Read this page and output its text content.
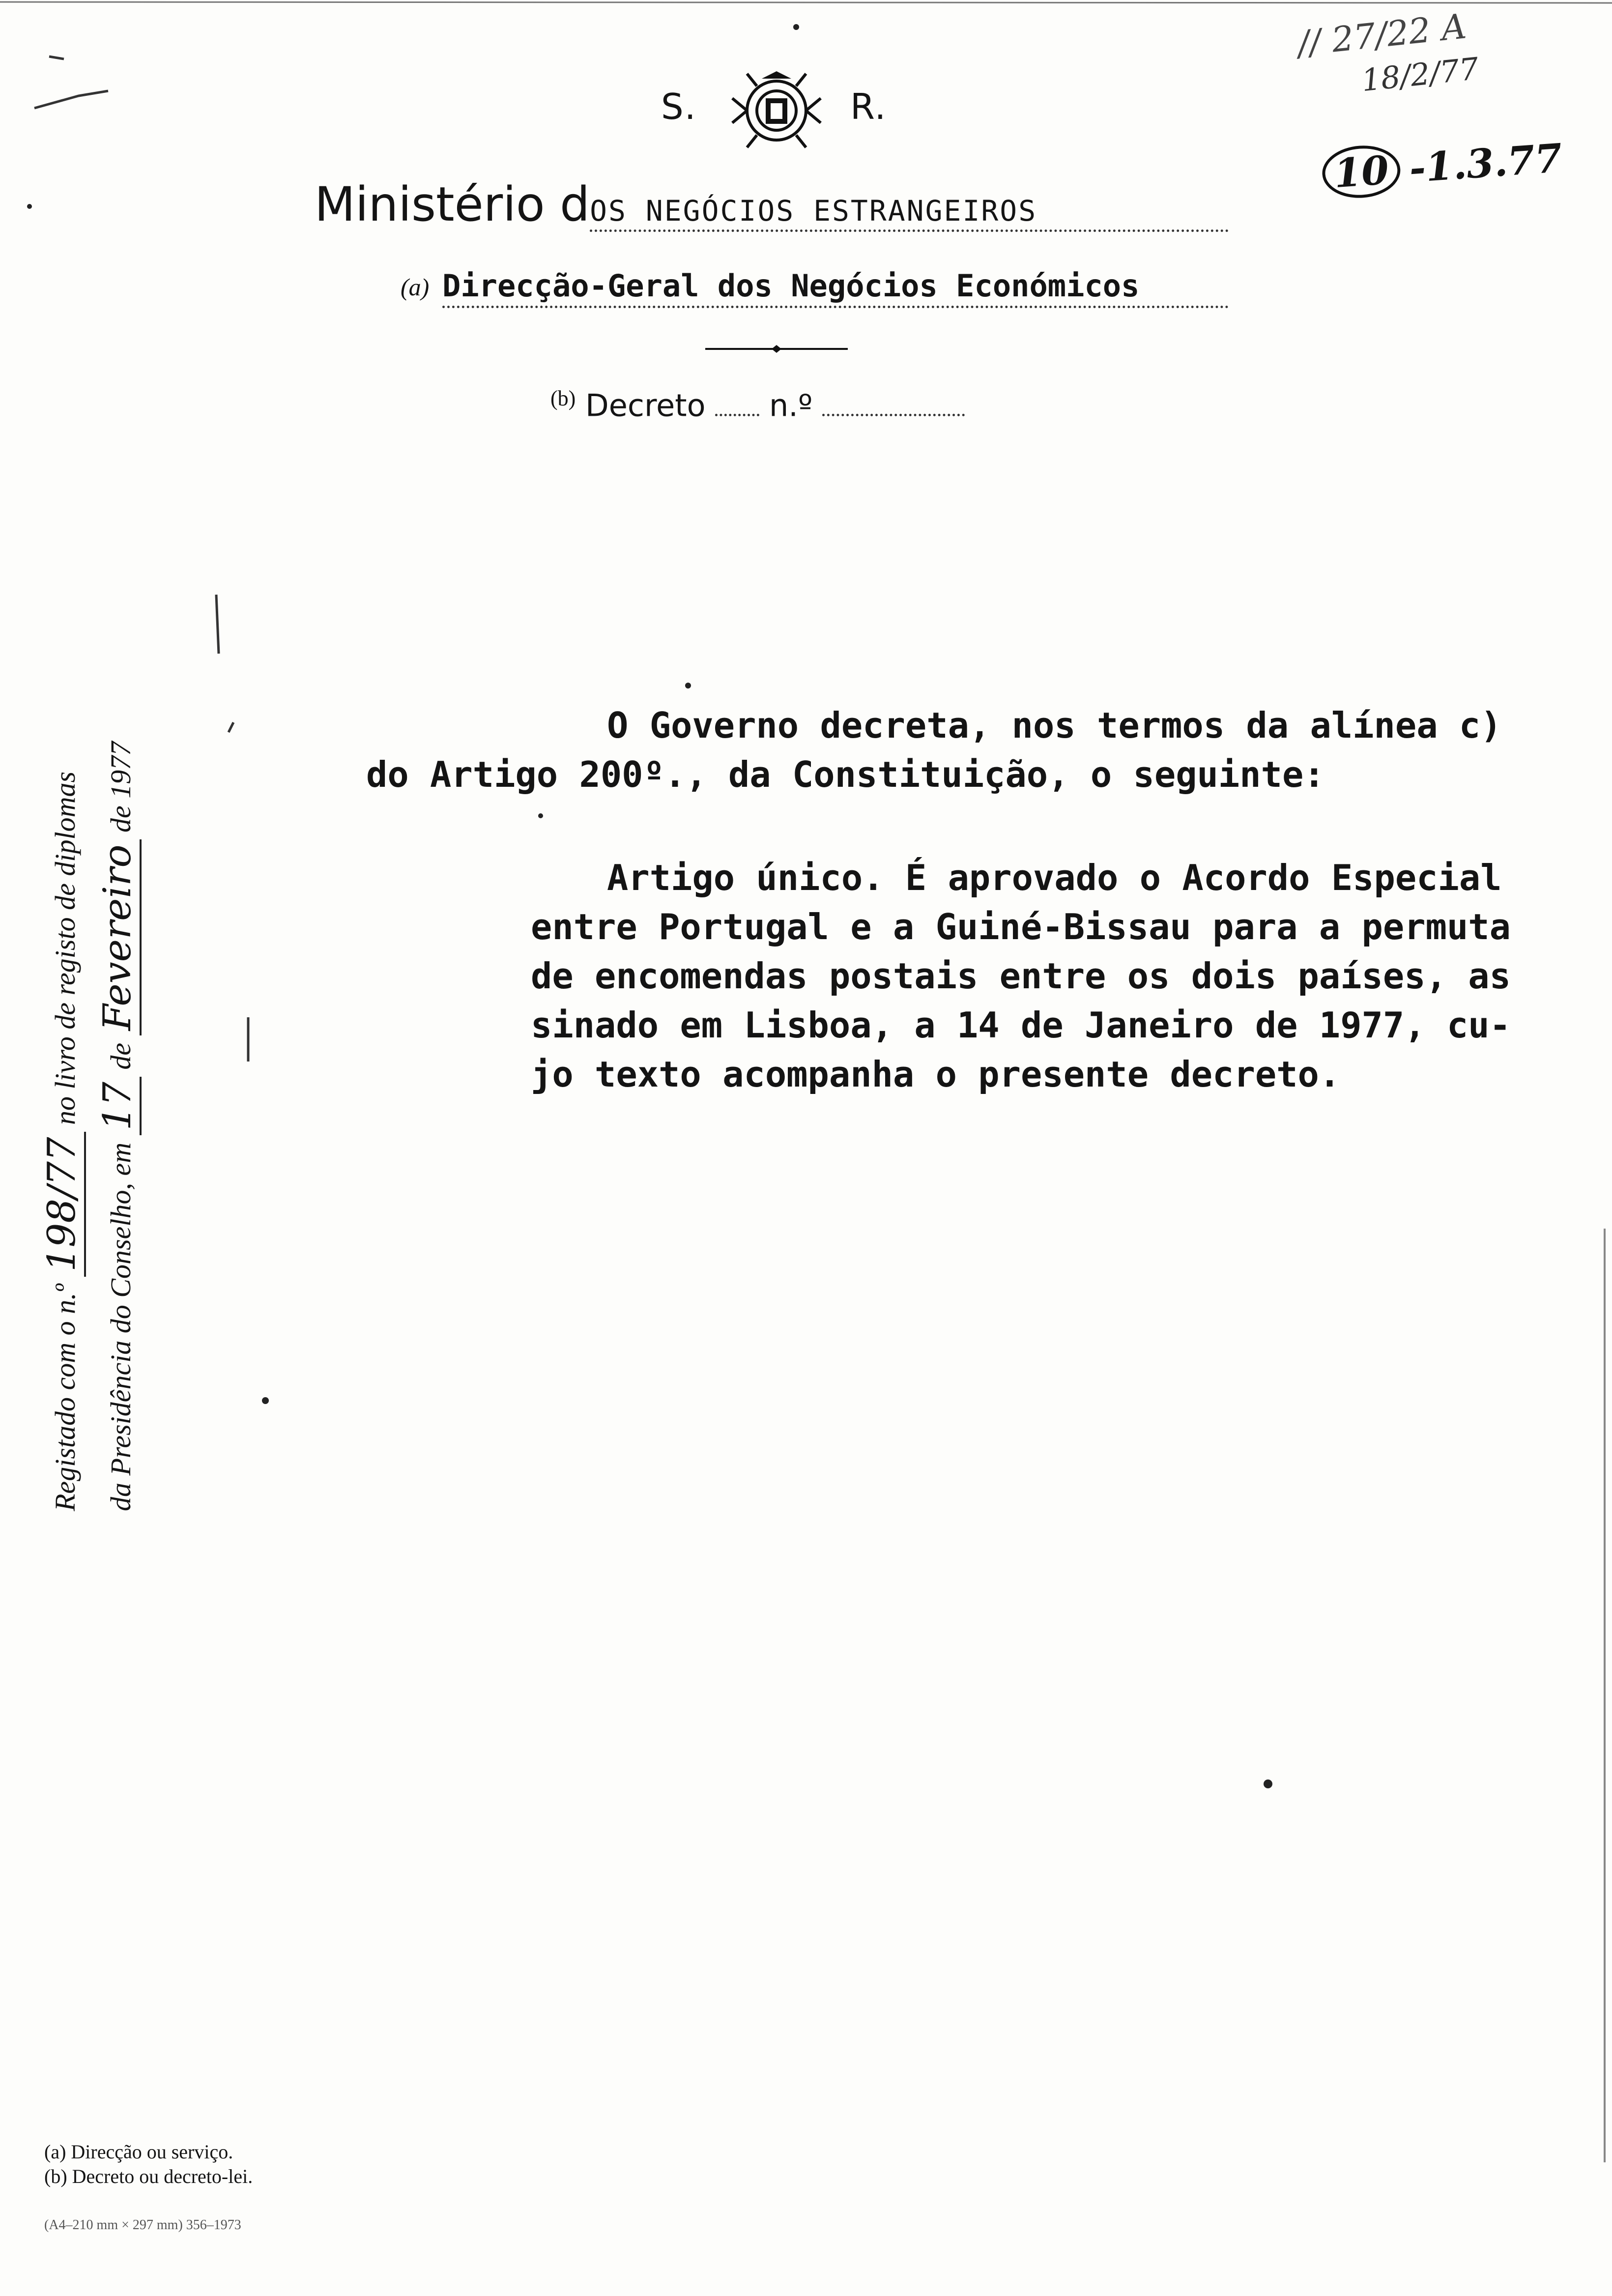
S.	R.
Ministério dOS NEGÓCIOS ESTRANGEIROS
(a) Direcção-Geral dos Negócios Económicos
$^{(b)}$ Decreto n.º
// 27/22 A
18/2/77
10 -1.3.77
O Governo decreta, nos termos da alínea c)
do Artigo 200º., da Constituição, o seguinte:
Artigo único. É aprovado o Acordo Especial
entre Portugal e a Guiné-Bissau para a permuta
de encomendas postais entre os dois países, as
sinado em Lisboa, a 14 de Janeiro de 1977, cu-
jo texto acompanha o presente decreto.
Registado com o n.º 198/77 no livro de registo de diplomas
da Presidência do Conselho, em 17 de Fevereiro de 1977
(a) Direcção ou serviço.
(b) Decreto ou decreto-lei.
(A4–210 mm × 297 mm) 356–1973
